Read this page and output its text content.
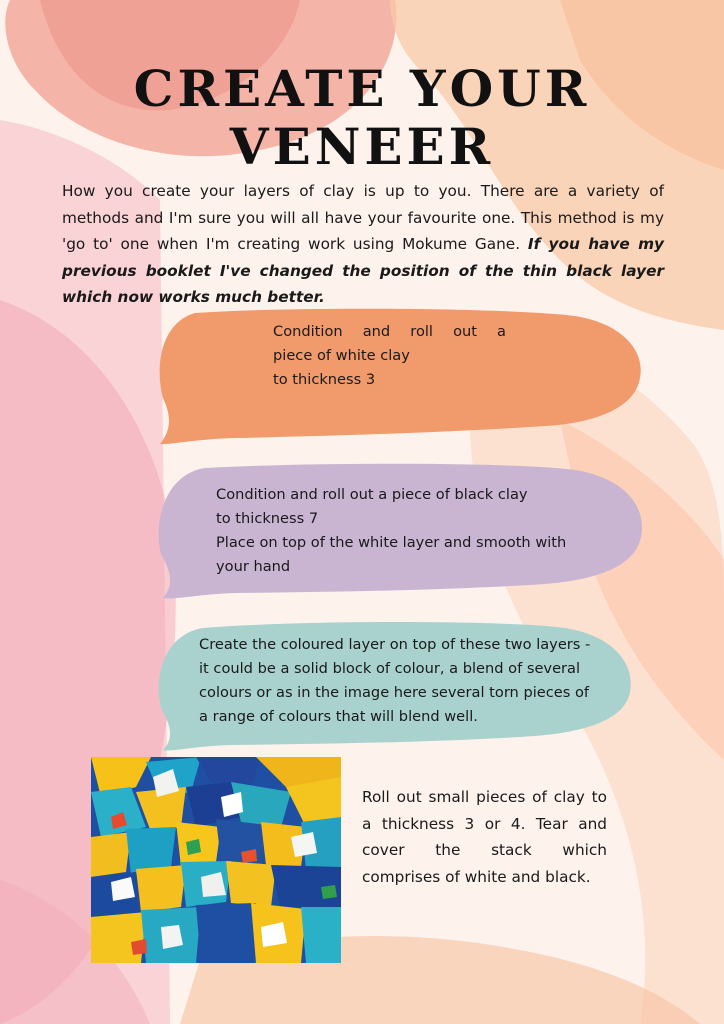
CREATE YOUR
VENEER

How you create your layers of clay is up to you. There are a variety of methods and I'm sure you will all have your favourite one. This method is my 'go to' one when I'm creating work using Mokume Gane. If you have my previous booklet I've changed the position of the thin black layer which now works much better.

Condition and roll out a
piece of white clay
to thickness 3

Condition and roll out a piece of black clay
to thickness 7
Place on top of the white layer and smooth with
your hand

Create the coloured layer on top of these two layers -
it could be a solid block of colour, a blend of several
colours or as in the image here several torn pieces of
a range of colours that will blend well.

Roll out small pieces of clay to a thickness 3 or 4. Tear and cover the stack which comprises of white and black.
